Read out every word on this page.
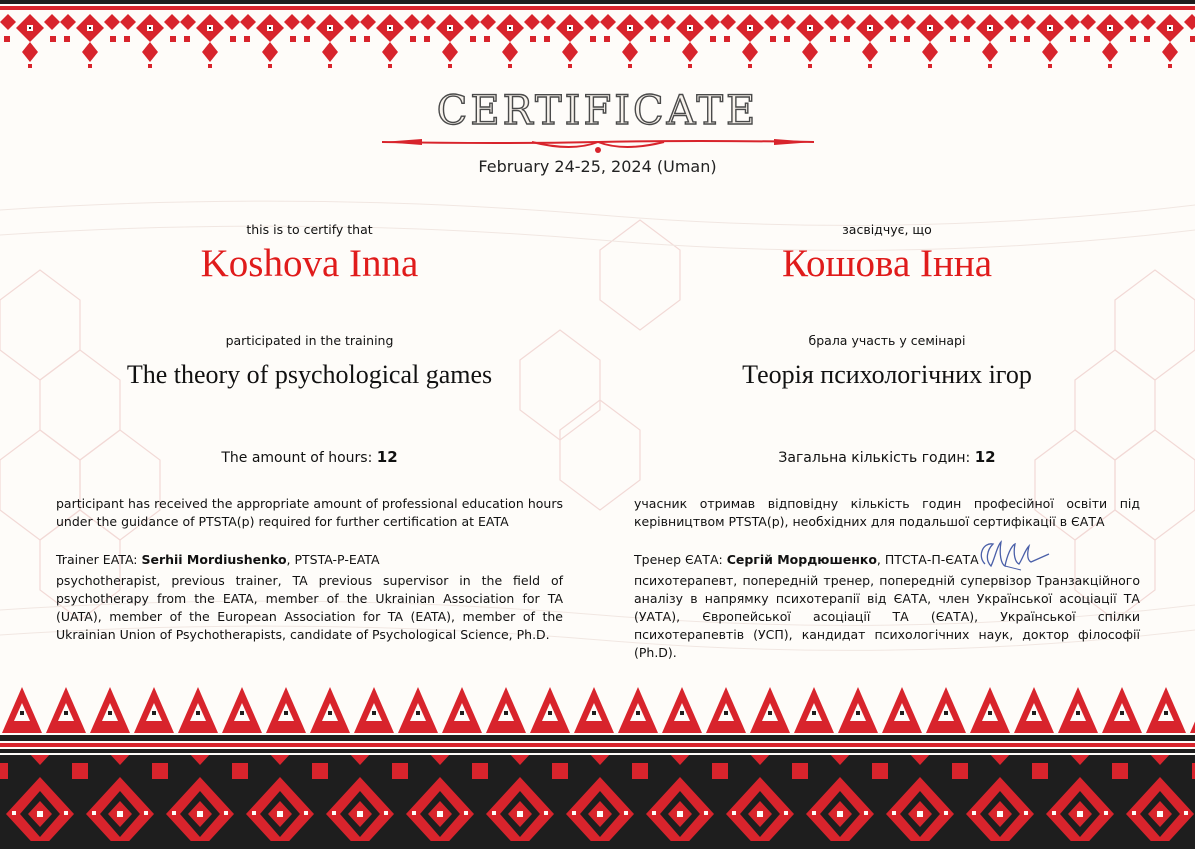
CERTIFICATE
February 24-25, 2024 (Uman)
this is to certify that
Koshova Inna
participated in the training
The theory of psychological games
The amount of hours: 12
participant has received the appropriate amount of professional education hours under the guidance of PTSTA(p) required for further certification at EATA
Trainer EATA: Serhii Mordiushenko, PTSTA-P-EATA
psychotherapist, previous trainer, TA previous supervisor in the field of psychotherapy from the EATA, member of the Ukrainian Association for TA (UATA), member of the European Association for TA (EATA), member of the Ukrainian Union of Psychotherapists, candidate of Psychological Science, Ph.D.
засвідчує, що
Кошова Інна
брала участь у семінарі
Теорія психологічних ігор
Загальна кількість годин: 12
учасник отримав відповідну кількість годин професійної освіти під керівництвом PTSTA(р), необхідних для подальшої сертифікації в ЄАТА
Тренер ЄАТА: Сергій Мордюшенко, ПТСТА-П-ЄАТА
психотерапевт, попередній тренер, попередній супервізор Транзакційного аналізу в напрямку психотерапії від ЄАТА, член Української асоціації ТА (УАТА), Європейської асоціації ТА (ЄАТА), Української спілки психотерапевтів (УСП), кандидат психологічних наук, доктор філософії (Ph.D).
